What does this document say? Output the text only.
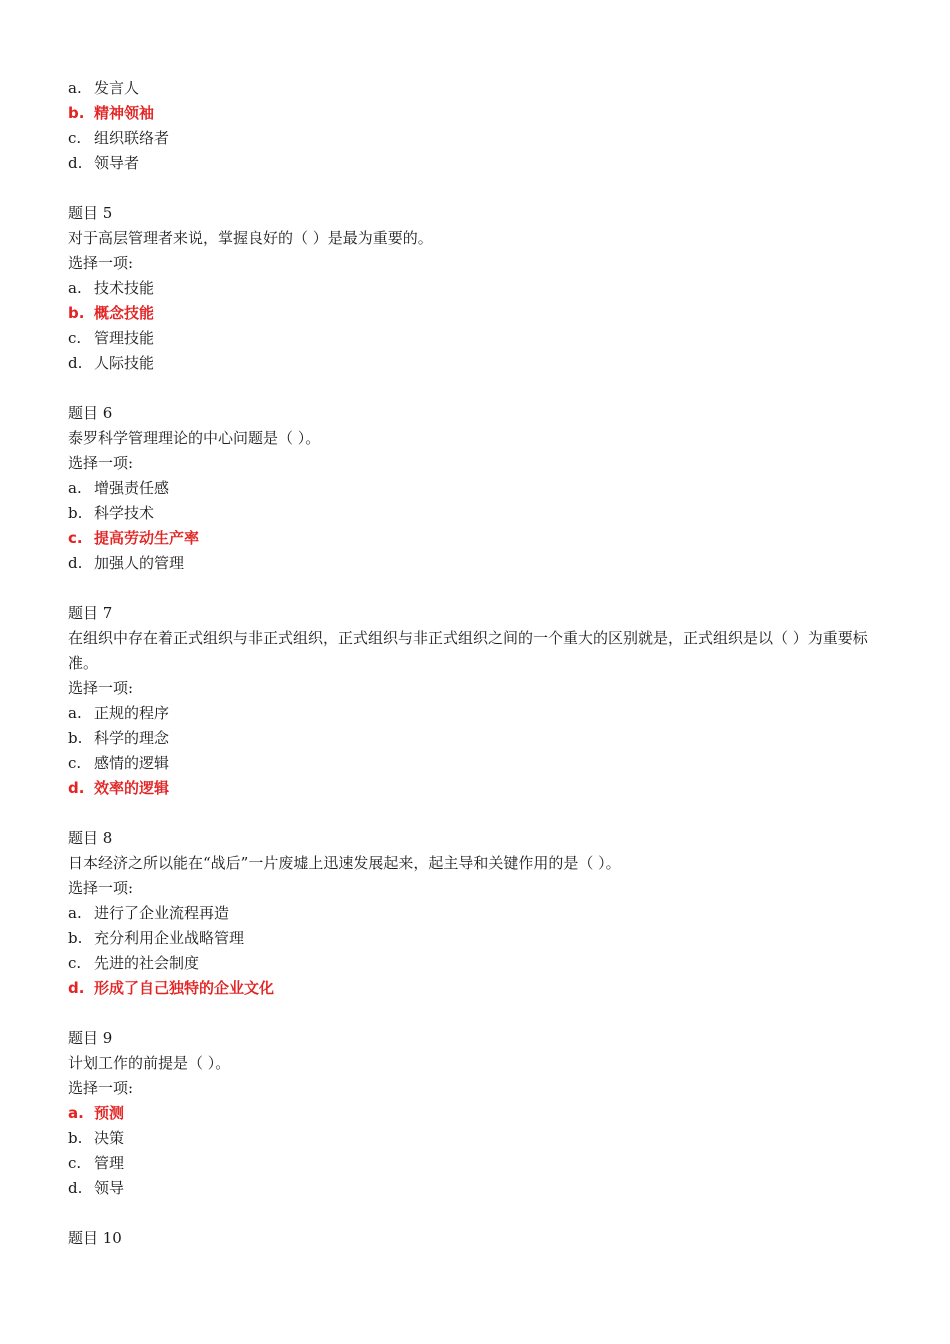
a. 发言人
b. 精神领袖
c. 组织联络者
d. 领导者
题目 5
对于高层管理者来说，掌握良好的（ ）是最为重要的。
选择一项:
a. 技术技能
b. 概念技能
c. 管理技能
d. 人际技能
题目 6
泰罗科学管理理论的中心问题是（ ）。
选择一项:
a. 增强责任感
b. 科学技术
c. 提高劳动生产率
d. 加强人的管理
题目 7
在组织中存在着正式组织与非正式组织，正式组织与非正式组织之间的一个重大的区别就是，正式组织是以（ ）为重要标准。
选择一项:
a. 正规的程序
b. 科学的理念
c. 感情的逻辑
d. 效率的逻辑
题目 8
日本经济之所以能在“战后”一片废墟上迅速发展起来，起主导和关键作用的是（ ）。
选择一项:
a. 进行了企业流程再造
b. 充分利用企业战略管理
c. 先进的社会制度
d. 形成了自己独特的企业文化
题目 9
计划工作的前提是（ ）。
选择一项:
a. 预测
b. 决策
c. 管理
d. 领导
题目 10
